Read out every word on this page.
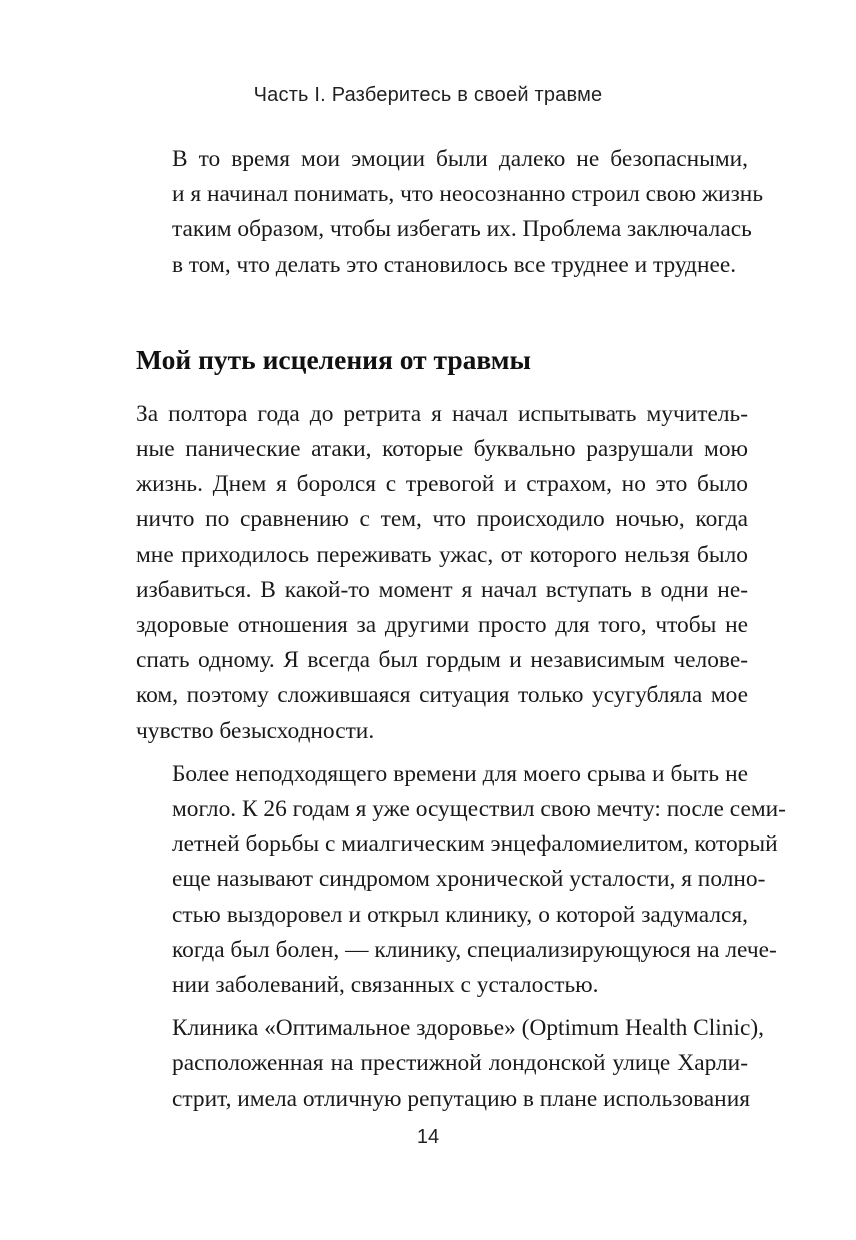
Часть I. Разберитесь в своей травме

В то время мои эмоции были далеко не безопасными,
и я начинал понимать, что неосознанно строил свою жизнь
таким образом, чтобы избегать их. Проблема заключалась
в том, что делать это становилось все труднее и труднее.

Мой путь исцеления от травмы

За полтора года до ретрита я начал испытывать мучитель-
ные панические атаки, которые буквально разрушали мою
жизнь. Днем я боролся с тревогой и страхом, но это было
ничто по сравнению с тем, что происходило ночью, когда
мне приходилось переживать ужас, от которого нельзя было
избавиться. В какой-то момент я начал вступать в одни не-
здоровые отношения за другими просто для того, чтобы не
спать одному. Я всегда был гордым и независимым челове-
ком, поэтому сложившаяся ситуация только усугубляла мое
чувство безысходности.

Более неподходящего времени для моего срыва и быть не
могло. К 26 годам я уже осуществил свою мечту: после семи-
летней борьбы с миалгическим энцефаломиелитом, который
еще называют синдромом хронической усталости, я полно-
стью выздоровел и открыл клинику, о которой задумался,
когда был болен, — клинику, специализирующуюся на лече-
нии заболеваний, связанных с усталостью.

Клиника «Оптимальное здоровье» (Optimum Health Clinic),
расположенная на престижной лондонской улице Харли-
стрит, имела отличную репутацию в плане использования

14
